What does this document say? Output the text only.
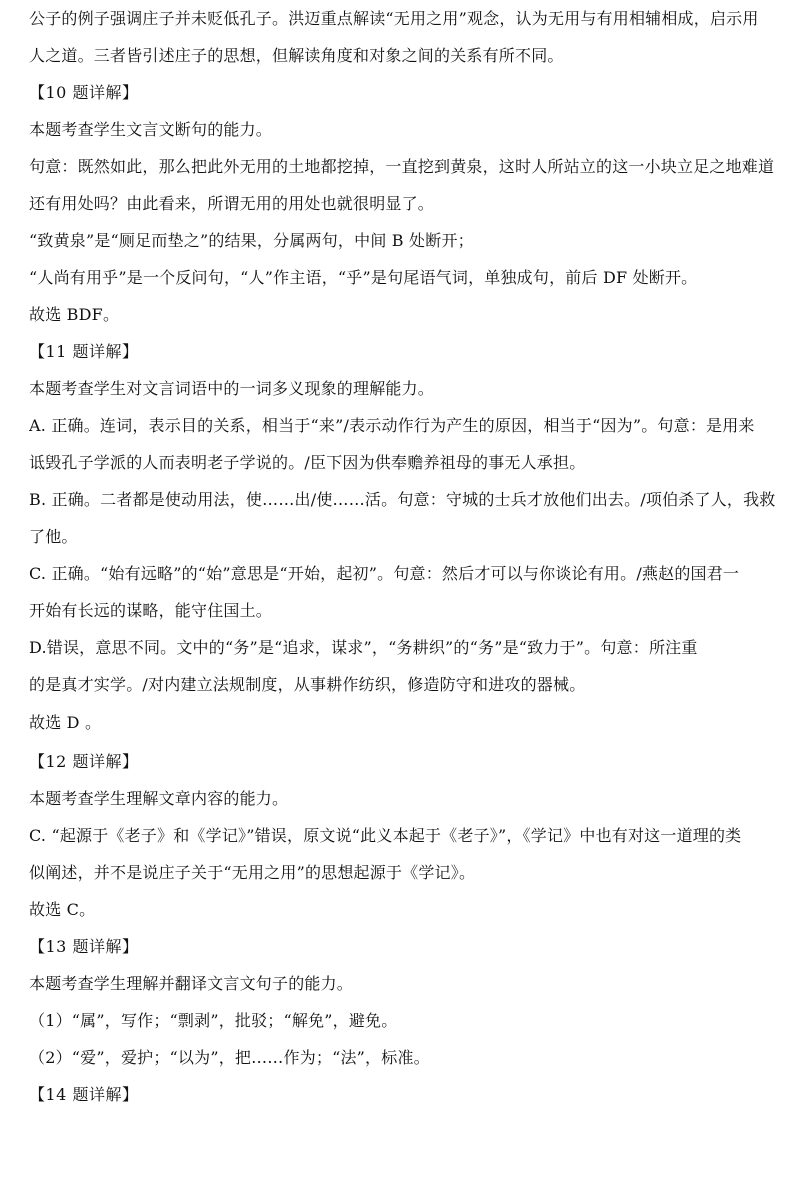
公子的例子强调庄子并未贬低孔子。洪迈重点解读“无用之用”观念，认为无用与有用相辅相成，启示用
人之道。三者皆引述庄子的思想，但解读角度和对象之间的关系有所不同。
【10 题详解】
本题考查学生文言文断句的能力。
句意：既然如此，那么把此外无用的土地都挖掉，一直挖到黄泉，这时人所站立的这一小块立足之地难道
还有用处吗？由此看来，所谓无用的用处也就很明显了。
“致黄泉”是“厕足而垫之”的结果，分属两句，中间 B 处断开；
“人尚有用乎”是一个反问句，“人”作主语，“乎”是句尾语气词，单独成句，前后 DF 处断开。
故选 BDF。
【11 题详解】
本题考查学生对文言词语中的一词多义现象的理解能力。
A. 正确。连词，表示目的关系，相当于“来”/表示动作行为产生的原因，相当于“因为”。句意：是用来
诋毁孔子学派的人而表明老子学说的。/臣下因为供奉赡养祖母的事无人承担。
B. 正确。二者都是使动用法，使……出/使……活。句意：守城的士兵才放他们出去。/项伯杀了人，我救
了他。
C. 正确。“始有远略”的“始”意思是“开始，起初”。句意：然后才可以与你谈论有用。/燕赵的国君一
开始有长远的谋略，能守住国土。
D.错误，意思不同。文中的“务”是“追求，谋求”，“务耕织”的“务”是“致力于”。句意：所注重
的是真才实学。/对内建立法规制度，从事耕作纺织，修造防守和进攻的器械。
故选 D 。
【12 题详解】
本题考查学生理解文章内容的能力。
C. “起源于《老子》和《学记》”错误，原文说“此义本起于《老子》”，《学记》中也有对这一道理的类
似阐述，并不是说庄子关于“无用之用”的思想起源于《学记》。
故选 C。
【13 题详解】
本题考查学生理解并翻译文言文句子的能力。
（1）“属”，写作；“剽剥”，批驳；“解免”，避免。
（2）“爱”，爱护；“以为”，把……作为；“法”，标准。
【14 题详解】
